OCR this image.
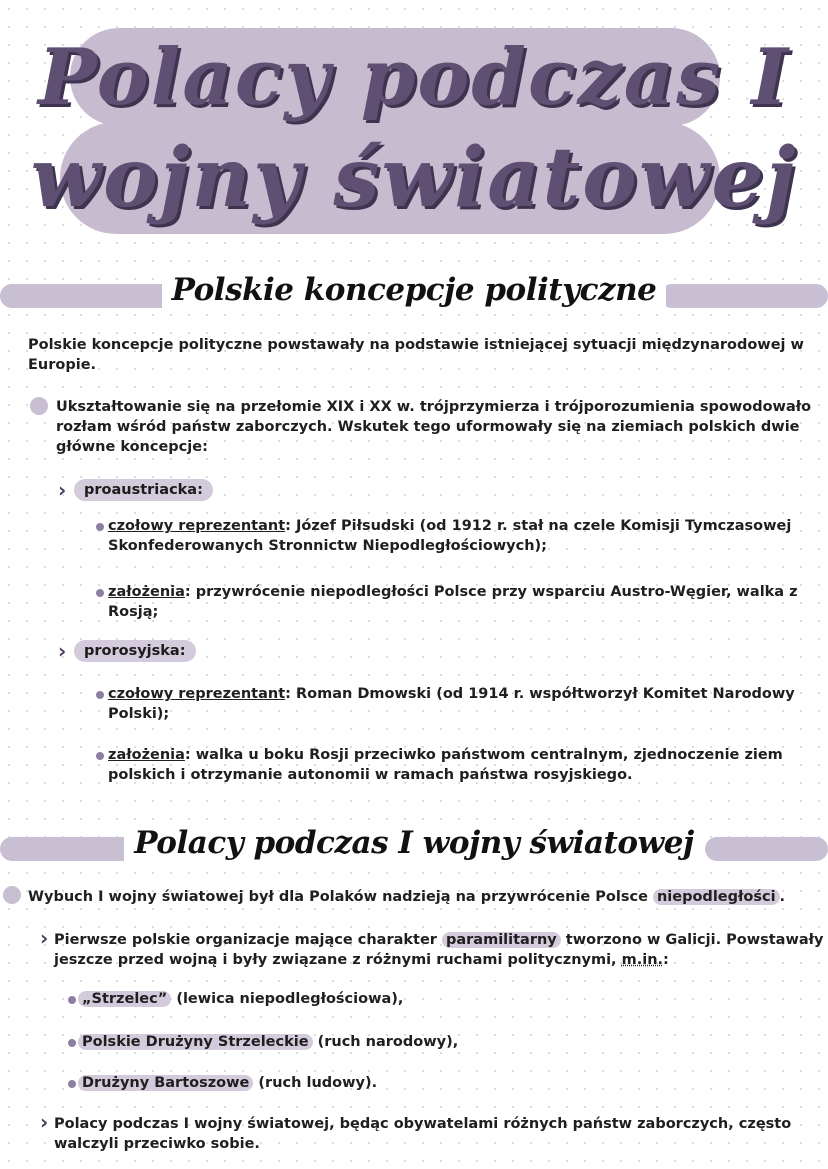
Polacy podczas I
wojny światowej
Polskie koncepcje polityczne
Polskie koncepcje polityczne powstawały na podstawie istniejącej sytuacji międzynarodowej w
Europie.
Ukształtowanie się na przełomie XIX i XX w. trójprzymierza i trójporozumienia spowodowało
rozłam wśród państw zaborczych. Wskutek tego uformowały się na ziemiach polskich dwie
główne koncepcje:
›	proaustriacka:
czołowy reprezentant: Józef Piłsudski (od 1912 r. stał na czele Komisji Tymczasowej
Skonfederowanych Stronnictw Niepodległościowych);
założenia: przywrócenie niepodległości Polsce przy wsparciu Austro-Węgier, walka z
Rosją;
›	prorosyjska:
czołowy reprezentant: Roman Dmowski (od 1914 r. współtworzył Komitet Narodowy
Polski);
założenia: walka u boku Rosji przeciwko państwom centralnym, zjednoczenie ziem
polskich i otrzymanie autonomii w ramach państwa rosyjskiego.
Polacy podczas I wojny światowej
Wybuch I wojny światowej był dla Polaków nadzieją na przywrócenie Polsce niepodległości .
› Pierwsze polskie organizacje mające charakter paramilitarny tworzono w Galicji. Powstawały
jeszcze przed wojną i były związane z różnymi ruchami politycznymi, m.in.:
„Strzelec” (lewica niepodległościowa),
Polskie Drużyny Strzeleckie (ruch narodowy),
Drużyny Bartoszowe (ruch ludowy).
› Polacy podczas I wojny światowej, będąc obywatelami różnych państw zaborczych, często
walczyli przeciwko sobie.
